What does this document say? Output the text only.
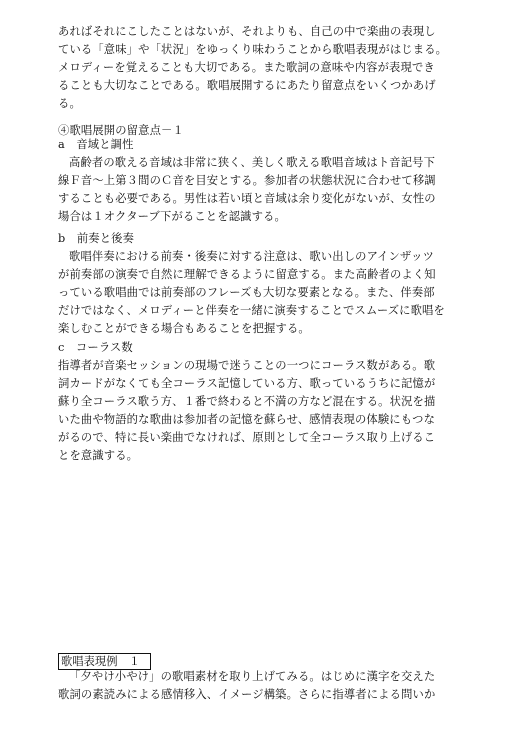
あればそれにこしたことはないが、それよりも、自己の中で楽曲の表現し
ている「意味」や「状況」をゆっくり味わうことから歌唱表現がはじまる。
メロディーを覚えることも大切である。また歌詞の意味や内容が表現でき
ることも大切なことである。歌唱展開するにあたり留意点をいくつかあげ
る。
④歌唱展開の留意点－１
a　音域と調性
高齢者の歌える音域は非常に狭く、美しく歌える歌唱音域はト音記号下
線Ｆ音～上第３間のＣ音を目安とする。参加者の状態状況に合わせて移調
することも必要である。男性は若い頃と音域は余り変化がないが、女性の
場合は１オクターブ下がることを認識する。
b　前奏と後奏
歌唱伴奏における前奏・後奏に対する注意は、歌い出しのアインザッツ
が前奏部の演奏で自然に理解できるように留意する。また高齢者のよく知
っている歌唱曲では前奏部のフレーズも大切な要素となる。また、伴奏部
だけではなく、メロディーと伴奏を一緒に演奏することでスムーズに歌唱を
楽しむことができる場合もあることを把握する。
c　コーラス数
指導者が音楽セッションの現場で迷うことの一つにコーラス数がある。歌
詞カードがなくても全コーラス記憶している方、歌っているうちに記憶が
蘇り全コーラス歌う方、１番で終わると不満の方など混在する。状況を描
いた曲や物語的な歌曲は参加者の記憶を蘇らせ、感情表現の体験にもつな
がるので、特に長い楽曲でなければ、原則として全コーラス取り上げるこ
とを意識する。
歌唱表現例　１
「夕やけ小やけ」の歌唱素材を取り上げてみる。はじめに漢字を交えた
歌詞の素読みによる感情移入、イメージ構築。さらに指導者による問いか
